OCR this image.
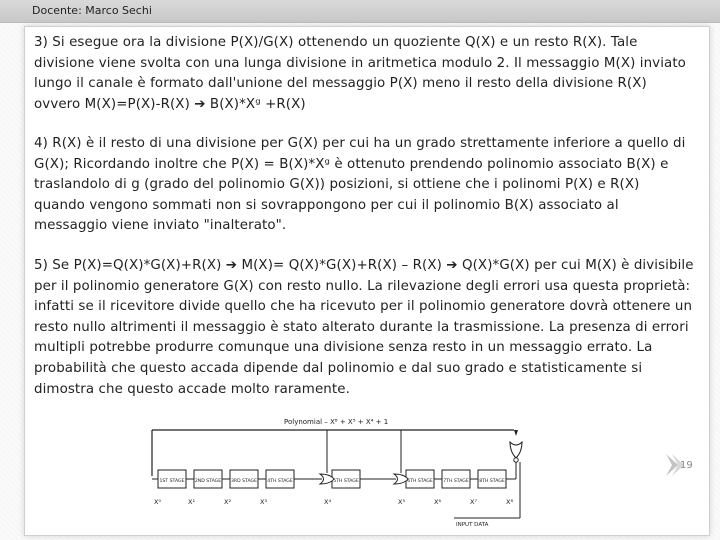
Docente: Marco Sechi
3) Si esegue ora la divisione P(X)/G(X) ottenendo un quoziente Q(X) e un resto R(X). Tale divisione viene svolta con una lunga divisione in aritmetica modulo 2. Il messaggio M(X) inviato lungo il canale è formato dall'unione del messaggio P(X) meno il resto della divisione R(X) ovvero M(X)=P(X)-R(X) ➔ B(X)*Xᵍ +R(X)
4) R(X) è il resto di una divisione per G(X) per cui ha un grado strettamente inferiore a quello di G(X); Ricordando inoltre che P(X) = B(X)*Xᵍ è ottenuto prendendo polinomio associato B(X) e traslandolo di g (grado del polinomio G(X)) posizioni, si ottiene che i polinomi P(X) e R(X) quando vengono sommati non si sovrappongono per cui il polinomio B(X) associato al messaggio viene inviato "inalterato".
5) Se P(X)=Q(X)*G(X)+R(X) ➔ M(X)= Q(X)*G(X)+R(X) – R(X) ➔ Q(X)*G(X) per cui M(X) è divisibile per il polinomio generatore G(X) con resto nullo. La rilevazione degli errori usa questa proprietà: infatti se il ricevitore divide quello che ha ricevuto per il polinomio generatore dovrà ottenere un resto nullo altrimenti il messaggio è stato alterato durante la trasmissione. La presenza di errori multipli potrebbe produrre comunque una divisione senza resto in un messaggio errato. La probabilità che questo accada dipende dal polinomio e dal suo grado e statisticamente si dimostra che questo accade molto raramente.
Polynomial – X⁸ + X⁵ + X⁴ + 1
1ST STAGE 2ND STAGE 3RD STAGE 4TH STAGE	5TH STAGE	6TH STAGE 7TH STAGE 8TH STAGE
X⁰	X¹	X²	X³	X⁴	X⁵	X⁶	X⁷	X⁸
INPUT DATA
19
